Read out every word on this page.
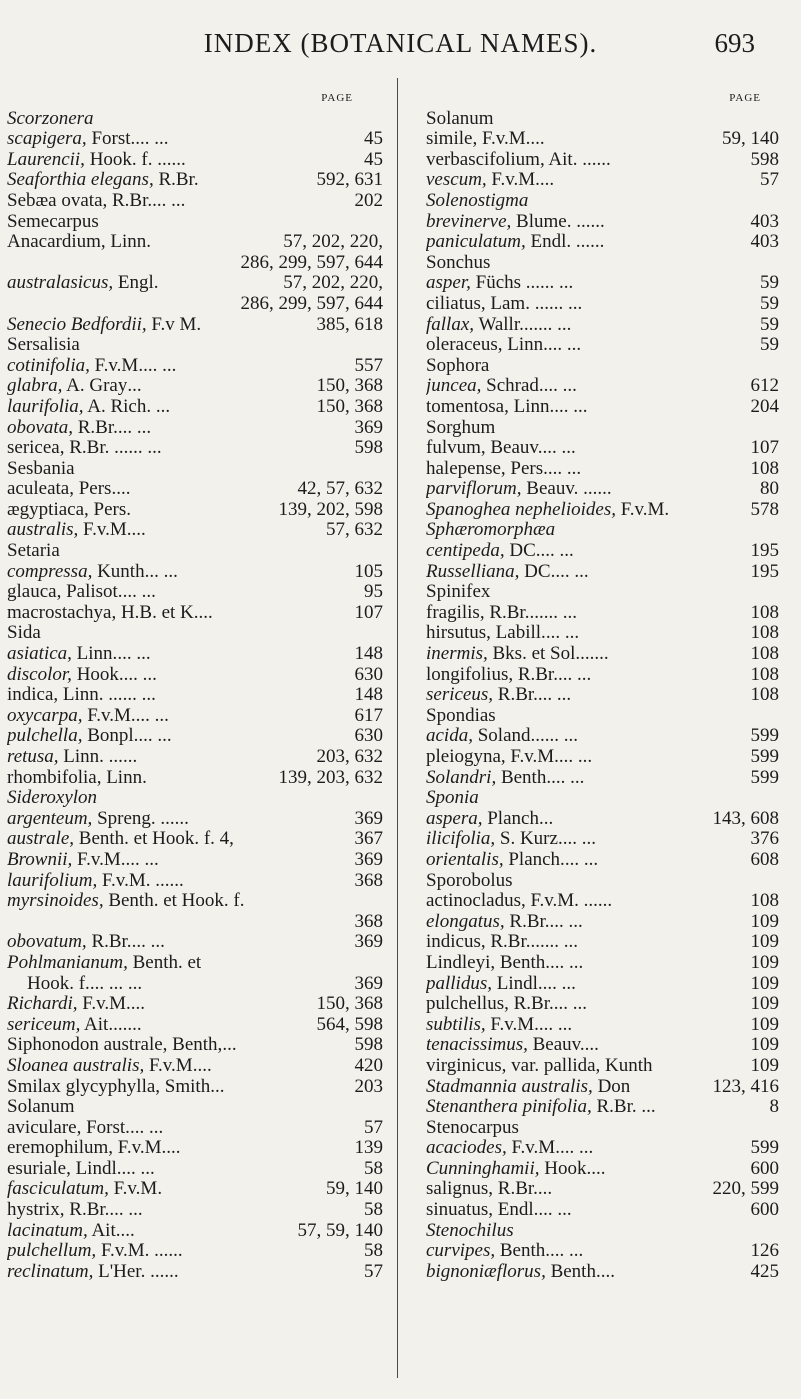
INDEX (BOTANICAL NAMES).	693
PAGE
Scorzonera
scapigera, Forst. ... ...	45
Laurencii, Hook. f. ... ...	45
Seaforthia elegans, R.Br.	592, 631
Sebæa ovata, R.Br. ... ...	202
Semecarpus
Anacardium, Linn.	57, 202, 220,
286, 299, 597, 644
australasicus, Engl.	57, 202, 220,
286, 299, 597, 644
Senecio Bedfordii, F.v M.	385, 618
Sersalisia
cotinifolia, F.v.M. ... ...	557
glabra, A. Gray ...	150, 368
laurifolia, A. Rich. ...	150, 368
obovata, R.Br. ... ...	369
sericea, R.Br. ... ... ...	598
Sesbania
aculeata, Pers. ...	42, 57, 632
ægyptiaca, Pers.	139, 202, 598
australis, F.v.M. ...	57, 632
Setaria
compressa, Kunth ... ...	105
glauca, Palisot. ... ...	95
macrostachya, H.B. et K. ...	107
Sida
asiatica, Linn. ... ...	148
discolor, Hook. ... ...	630
indica, Linn. ... ... ...	148
oxycarpa, F.v.M. ... ...	617
pulchella, Bonpl. ... ...	630
retusa, Linn. ... ...	203, 632
rhombifolia, Linn.	139, 203, 632
Sideroxylon
argenteum, Spreng. ... ...	369
australe, Benth. et Hook. f. 4,	367
Brownii, F.v.M. ... ...	369
laurifolium, F.v.M. ... ...	368
myrsinoides, Benth. et Hook. f.
368
obovatum, R.Br. ... ...	369
Pohlmanianum, Benth. et
Hook. f. ... ... ...	369
Richardi, F.v.M. ...	150, 368
sericeum, Ait.... ...	564, 598
Siphonodon australe, Benth, ...	598
Sloanea australis, F.v.M. ...	420
Smilax glycyphylla, Smith ...	203
Solanum
aviculare, Forst. ... ...	57
eremophilum, F.v.M. ...	139
esuriale, Lindl. ... ...	58
fasciculatum, F.v.M.	59, 140
hystrix, R.Br. ... ...	58
lacinatum, Ait. ...	57, 59, 140
pulchellum, F.v.M. ... ...	58
reclinatum, L'Her. ... ...	57
PAGE
Solanum
simile, F.v.M. ...	59, 140
verbascifolium, Ait. ... ...	598
vescum, F.v.M. ...	57
Solenostigma
brevinerve, Blume. ... ...	403
paniculatum, Endl. ... ...	403
Sonchus
asper, Füchs ... ... ...	59
ciliatus, Lam. ... ... ...	59
fallax, Wallr.... ... ...	59
oleraceus, Linn. ... ...	59
Sophora
juncea, Schrad. ... ...	612
tomentosa, Linn. ... ...	204
Sorghum
fulvum, Beauv. ... ...	107
halepense, Pers. ... ...	108
parviflorum, Beauv. ... ...	80
Spanoghea nephelioides, F.v.M.	578
Sphæromorphæa
centipeda, DC. ... ...	195
Russelliana, DC. ... ...	195
Spinifex
fragilis, R.Br.... ... ...	108
hirsutus, Labill. ... ...	108
inermis, Bks. et Sol.... ...	108
longifolius, R.Br. ... ...	108
sericeus, R.Br. ... ...	108
Spondias
acida, Soland... ... ...	599
pleiogyna, F.v.M. ... ...	599
Solandri, Benth. ... ...	599
Sponia
aspera, Planch ...	143, 608
ilicifolia, S. Kurz. ... ...	376
orientalis, Planch. ... ...	608
Sporobolus
actinocladus, F.v.M. ... ...	108
elongatus, R.Br. ... ...	109
indicus, R.Br.... ... ...	109
Lindleyi, Benth. ... ...	109
pallidus, Lindl. ... ...	109
pulchellus, R.Br. ... ...	109
subtilis, F.v.M. ... ...	109
tenacissimus, Beauv. ...	109
virginicus, var. pallida, Kunth	109
Stadmannia australis, Don	123, 416
Stenanthera pinifolia, R.Br. ...	8
Stenocarpus
acaciodes, F.v.M. ... ...	599
Cunninghamii, Hook. ...	600
salignus, R.Br. ...	220, 599
sinuatus, Endl. ... ...	600
Stenochilus
curvipes, Benth. ... ...	126
bignoniæflorus, Benth. ...	425
